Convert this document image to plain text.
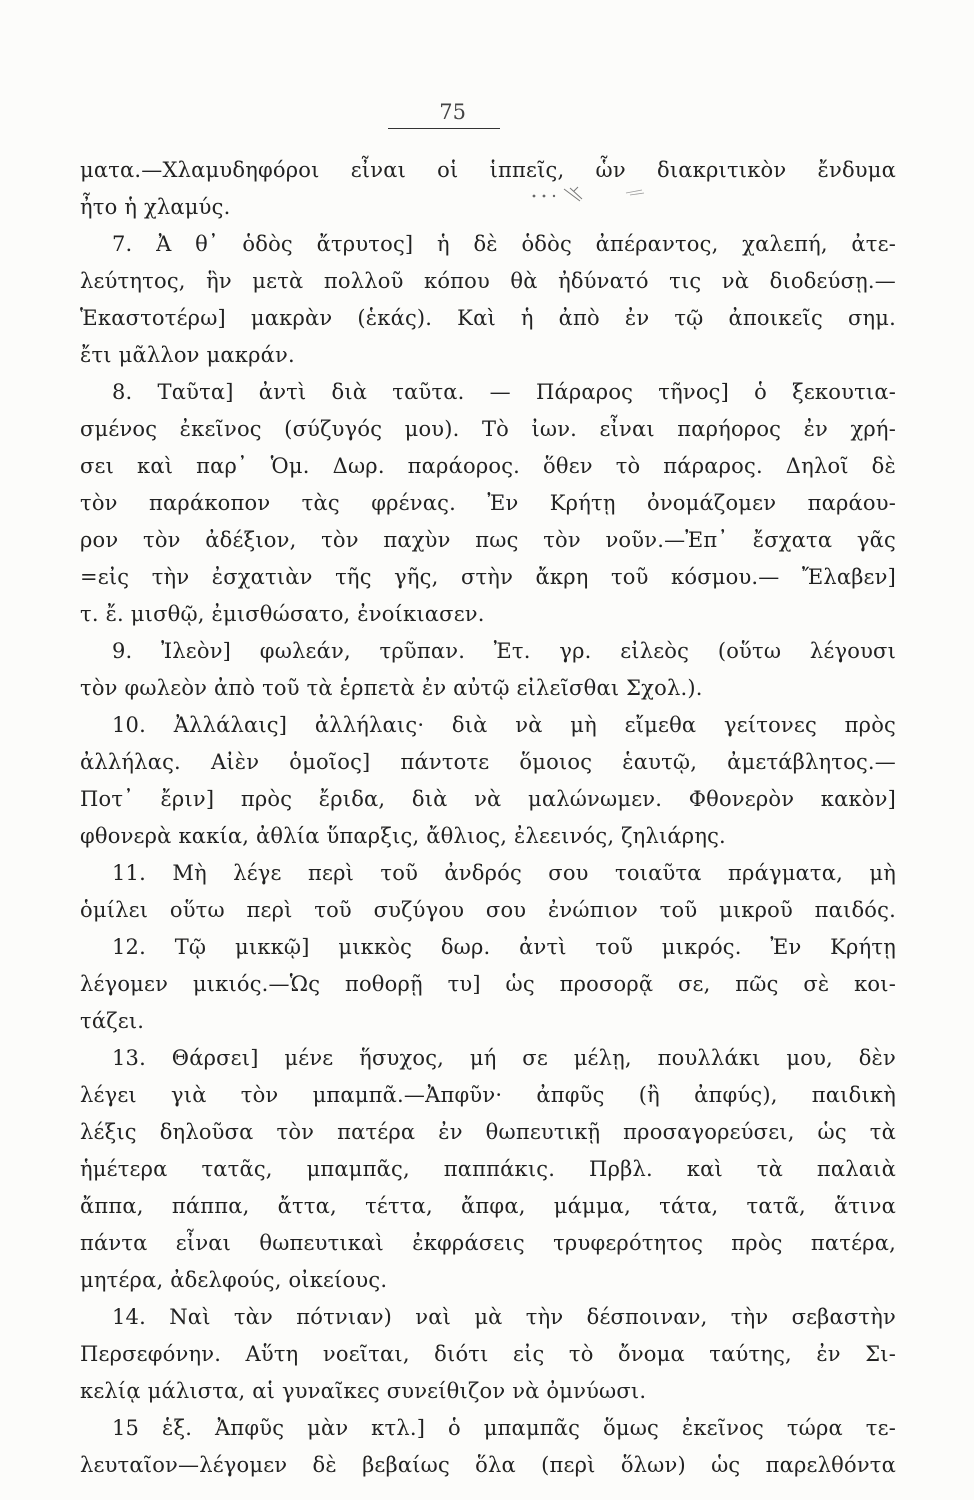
75
ματα.—Χλαμυδηφόροι εἶναι οἱ ἱππεῖς, ὧν διακριτικὸν ἔνδυμα
ἦτο ἡ χλαμύς.
7. Ἀ θ᾽ ὁδὸς ἄτρυτος] ἡ δὲ ὁδὸς ἀπέραντος, χαλεπή, ἀτε-
λεύτητος, ἣν μετὰ πολλοῦ κόπου θὰ ἠδύνατό τις νὰ διοδεύσῃ.—
Ἑκαστοτέρω] μακρὰν (ἑκάς). Καὶ ἡ ἀπὸ ἐν τῷ ἀποικεῖς σημ.
ἔτι μᾶλλον μακράν.
8. Ταῦτα] ἀντὶ διὰ ταῦτα. — Πάραρος τῆνος] ὁ ξεκουτια-
σμένος ἐκεῖνος (σύζυγός μου). Τὸ ἰων. εἶναι παρήορος ἐν χρή-
σει καὶ παρ᾽ Ὁμ. Δωρ. παράορος. ὅθεν τὸ πάραρος. Δηλοῖ δὲ
τὸν παράκοπον τὰς φρένας. Ἐν Κρήτῃ ὀνομάζομεν παράου-
ρον τὸν ἀδέξιον, τὸν παχὺν πως τὸν νοῦν.—Ἐπ᾽ ἔσχατα γᾶς
=εἰς τὴν ἐσχατιὰν τῆς γῆς, στὴν ἄκρη τοῦ κόσμου.— Ἔλαβεν]
τ. ἔ. μισθῷ, ἐμισθώσατο, ἐνοίκιασεν.
9. Ἰλεὸν] φωλεάν, τρῦπαν. Ἐτ. γρ. εἰλεὸς (οὕτω λέγουσι
τὸν φωλεὸν ἀπὸ τοῦ τὰ ἑρπετὰ ἐν αὐτῷ εἰλεῖσθαι Σχολ.).
10. Ἀλλάλαις] ἀλλήλαις· διὰ νὰ μὴ εἴμεθα γείτονες πρὸς
ἀλλήλας. Αἰὲν ὁμοῖος] πάντοτε ὅμοιος ἑαυτῷ, ἀμετάβλητος.—
Ποτ᾽ ἔριν] πρὸς ἔριδα, διὰ νὰ μαλώνωμεν. Φθονερὸν κακὸν]
φθονερὰ κακία, ἀθλία ὕπαρξις, ἄθλιος, ἐλεεινός, ζηλιάρης.
11. Μὴ λέγε περὶ τοῦ ἀνδρός σου τοιαῦτα πράγματα, μὴ
ὁμίλει οὕτω περὶ τοῦ συζύγου σου ἐνώπιον τοῦ μικροῦ παιδός.
12. Τῷ μικκῷ] μικκὸς δωρ. ἀντὶ τοῦ μικρός. Ἐν Κρήτῃ
λέγομεν μικιός.—Ὡς ποθορῇ τυ] ὡς προσορᾷ σε, πῶς σὲ κοι-
τάζει.
13. Θάρσει] μένε ἥσυχος, μή σε μέλῃ, πουλλάκι μου, δὲν
λέγει γιὰ τὸν μπαμπᾶ.—Ἀπφῦν· ἀπφῦς (ἢ ἀπφύς), παιδικὴ
λέξις δηλοῦσα τὸν πατέρα ἐν θωπευτικῇ προσαγορεύσει, ὡς τὰ
ἡμέτερα τατᾶς, μπαμπᾶς, παππάκις. Πρβλ. καὶ τὰ παλαιὰ
ἄππα, πάππα, ἄττα, τέττα, ἄπφα, μάμμα, τάτα, τατᾶ, ἅτινα
πάντα εἶναι θωπευτικαὶ ἐκφράσεις τρυφερότητος πρὸς πατέρα,
μητέρα, ἀδελφούς, οἰκείους.
14. Ναὶ τὰν πότνιαν) ναὶ μὰ τὴν δέσποιναν, τὴν σεβαστὴν
Περσεφόνην. Αὕτη νοεῖται, διότι εἰς τὸ ὄνομα ταύτης, ἐν Σι-
κελίᾳ μάλιστα, αἱ γυναῖκες συνείθιζον νὰ ὀμνύωσι.
15 ἑξ. Ἀπφῦς μὰν κτλ.] ὁ μπαμπᾶς ὅμως ἐκεῖνος τώρα τε-
λευταῖον—λέγομεν δὲ βεβαίως ὅλα (περὶ ὅλων) ὡς παρελθόντα
